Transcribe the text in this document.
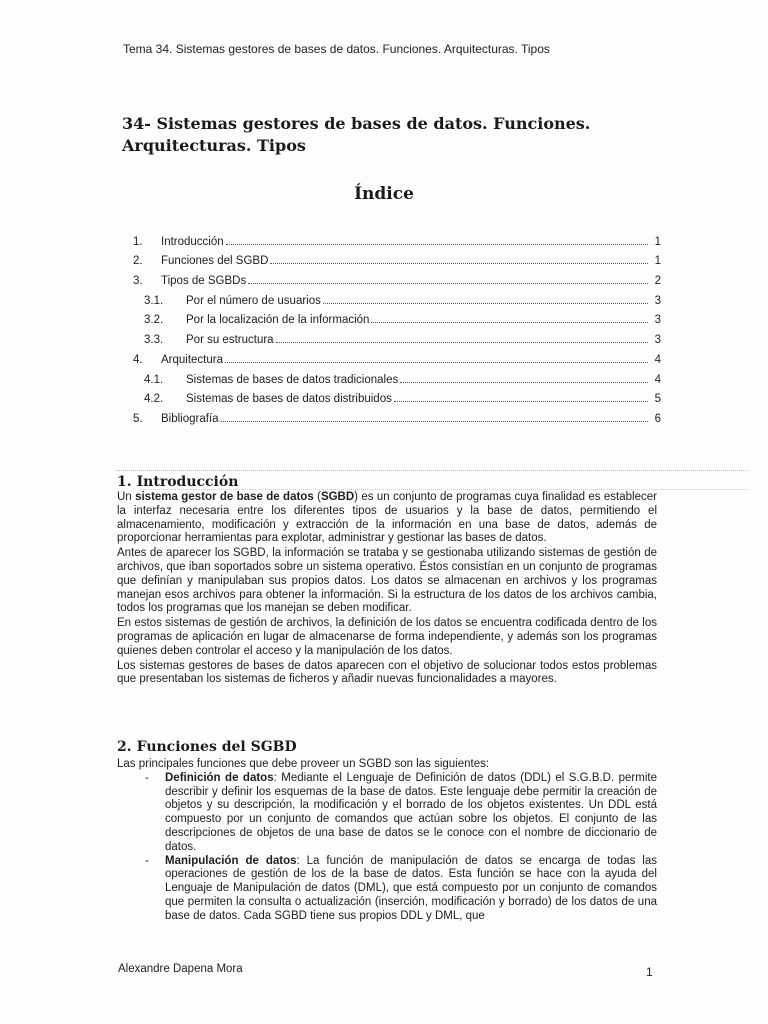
Tema 34. Sistemas gestores de bases de datos. Funciones. Arquitecturas. Tipos
34- Sistemas gestores de bases de datos. Funciones.
Arquitecturas. Tipos
Índice
1.	Introducción	1
2.	Funciones del SGBD	1
3.	Tipos de SGBDs	2
3.1.	Por el número de usuarios	3
3.2.	Por la localización de la información	3
3.3.	Por su estructura	3
4.	Arquitectura	4
4.1.	Sistemas de bases de datos tradicionales	4
4.2.	Sistemas de bases de datos distribuidos	5
5.	Bibliografía	6
1. Introducción

Un sistema gestor de base de datos (SGBD) es un conjunto de programas cuya finalidad es establecer la interfaz necesaria entre los diferentes tipos de usuarios y la base de datos, permitiendo el almacenamiento, modificación y extracción de la información en una base de datos, además de proporcionar herramientas para explotar, administrar y gestionar las bases de datos.

Antes de aparecer los SGBD, la información se trataba y se gestionaba utilizando sistemas de gestión de archivos, que iban soportados sobre un sistema operativo. Éstos consistían en un conjunto de programas que definían y manipulaban sus propios datos. Los datos se almacenan en archivos y los programas manejan esos archivos para obtener la información. Si la estructura de los datos de los archivos cambia, todos los programas que los manejan se deben modificar.

En estos sistemas de gestión de archivos, la definición de los datos se encuentra codificada dentro de los programas de aplicación en lugar de almacenarse de forma independiente, y además son los programas quienes deben controlar el acceso y la manipulación de los datos.

Los sistemas gestores de bases de datos aparecen con el objetivo de solucionar todos estos problemas que presentaban los sistemas de ficheros y añadir nuevas funcionalidades a mayores.

2. Funciones del SGBD

Las principales funciones que debe proveer un SGBD son las siguientes:

-	Definición de datos: Mediante el Lenguaje de Definición de datos (DDL) el S.G.B.D. permite describir y definir los esquemas de la base de datos. Este lenguaje debe permitir la creación de objetos y su descripción, la modificación y el borrado de los objetos existentes. Un DDL está compuesto por un conjunto de comandos que actúan sobre los objetos. El conjunto de las descripciones de objetos de una base de datos se le conoce con el nombre de diccionario de datos.
-	Manipulación de datos: La función de manipulación de datos se encarga de todas las operaciones de gestión de los de la base de datos. Esta función se hace con la ayuda del Lenguaje de Manipulación de datos (DML), que está compuesto por un conjunto de comandos que permiten la consulta o actualización (inserción, modificación y borrado) de los datos de una base de datos. Cada SGBD tiene sus propios DDL y DML, que
Alexandre Dapena Mora	1
